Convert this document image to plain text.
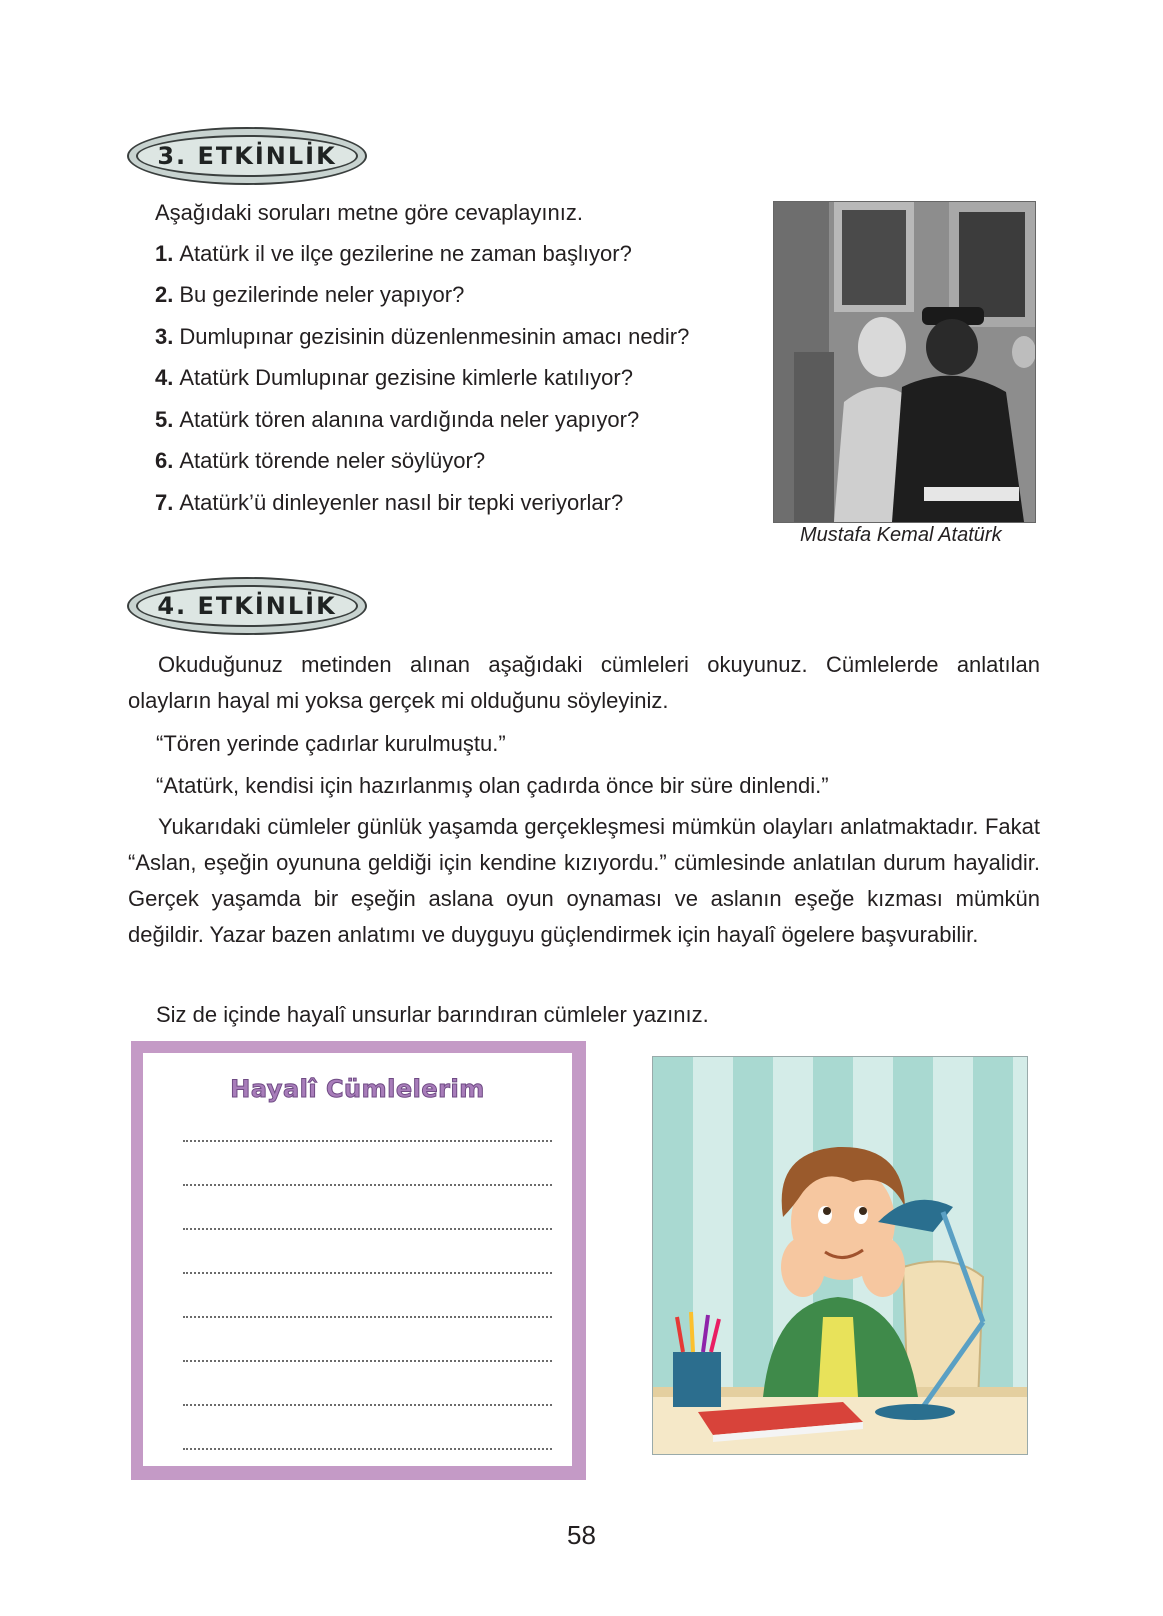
3. ETKİNLİK
Aşağıdaki soruları metne göre cevaplayınız.
1. Atatürk il ve ilçe gezilerine ne zaman başlıyor?
2. Bu gezilerinde neler yapıyor?
3. Dumlupınar gezisinin düzenlenmesinin amacı nedir?
4. Atatürk Dumlupınar gezisine kimlerle katılıyor?
5. Atatürk tören alanına vardığında neler yapıyor?
6. Atatürk törende neler söylüyor?
7. Atatürk’ü dinleyenler nasıl bir tepki veriyorlar?
Mustafa Kemal Atatürk
4. ETKİNLİK

Okuduğunuz metinden alınan aşağıdaki cümleleri okuyunuz. Cümlelerde anlatılan olayların hayal mi yoksa gerçek mi olduğunu söyleyiniz.

“Tören yerinde çadırlar kurulmuştu.”
“Atatürk, kendisi için hazırlanmış olan çadırda önce bir süre dinlendi.”

Yukarıdaki cümleler günlük yaşamda gerçekleşmesi mümkün olayları anlatmaktadır. Fakat “Aslan, eşeğin oyununa geldiği için kendine kızıyordu.” cümlesinde anlatılan durum hayalidir. Gerçek yaşamda bir eşeğin aslana oyun oynaması ve aslanın eşeğe kızması mümkün değildir. Yazar bazen anlatımı ve duyguyu güçlendirmek için hayalî ögelere başvurabilir.

Siz de içinde hayalî unsurlar barındıran cümleler yazınız.
Hayalî Cümlelerim
58
